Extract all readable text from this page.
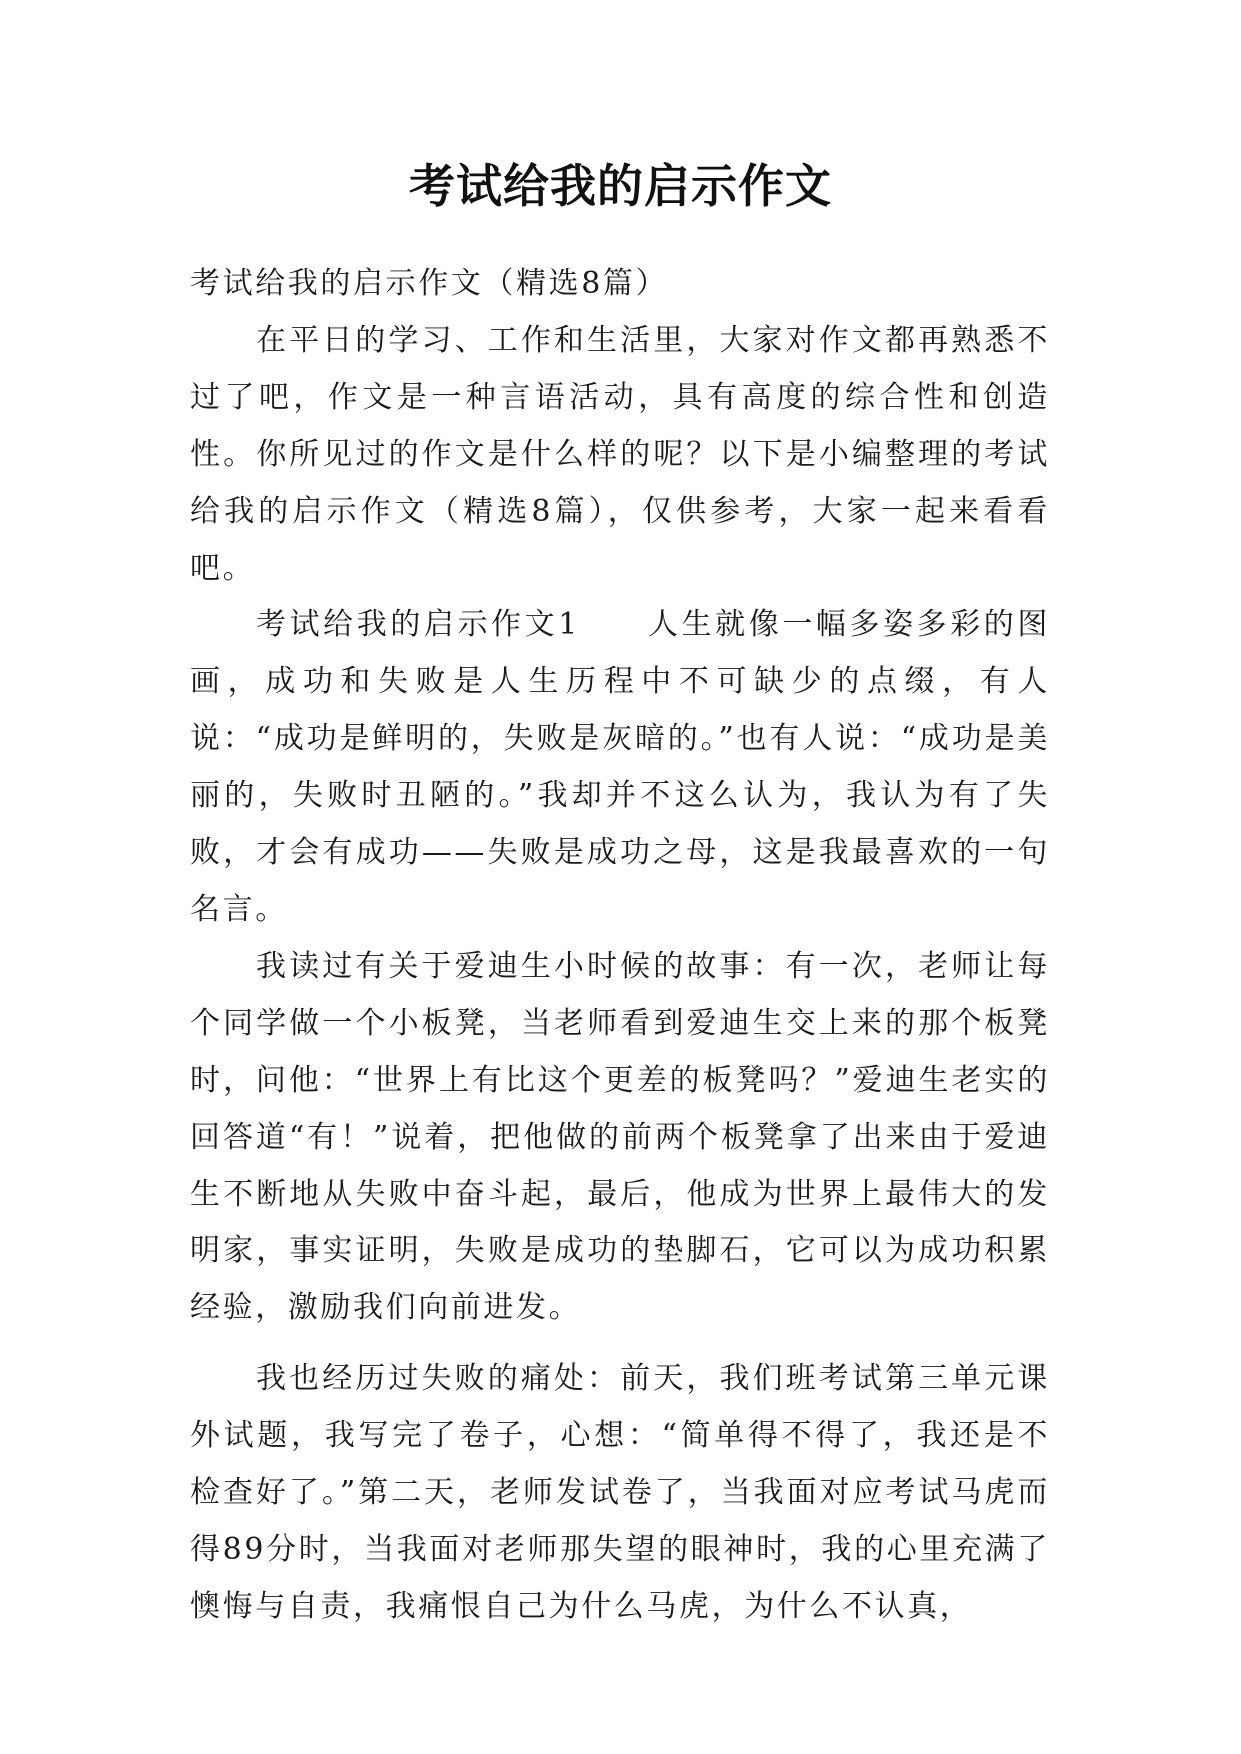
考试给我的启示作文

考试给我的启示作文（精选8篇）

在平日的学习、工作和生活里，大家对作文都再熟悉不过了吧，作文是一种言语活动，具有高度的综合性和创造性。你所见过的作文是什么样的呢？以下是小编整理的考试给我的启示作文（精选8篇），仅供参考，大家一起来看看吧。

考试给我的启示作文1　　人生就像一幅多姿多彩的图画，成功和失败是人生历程中不可缺少的点缀，有人说：“成功是鲜明的，失败是灰暗的。”也有人说：“成功是美丽的，失败时丑陋的。”我却并不这么认为，我认为有了失败，才会有成功——失败是成功之母，这是我最喜欢的一句名言。

我读过有关于爱迪生小时候的故事：有一次，老师让每个同学做一个小板凳，当老师看到爱迪生交上来的那个板凳时，问他：“世界上有比这个更差的板凳吗？”爱迪生老实的回答道“有！”说着，把他做的前两个板凳拿了出来由于爱迪生不断地从失败中奋斗起，最后，他成为世界上最伟大的发明家，事实证明，失败是成功的垫脚石，它可以为成功积累经验，激励我们向前进发。

我也经历过失败的痛处：前天，我们班考试第三单元课外试题，我写完了卷子，心想：“简单得不得了，我还是不检查好了。”第二天，老师发试卷了，当我面对应考试马虎而得89分时，当我面对老师那失望的眼神时，我的心里充满了懊悔与自责，我痛恨自己为什么马虎，为什么不认真，
